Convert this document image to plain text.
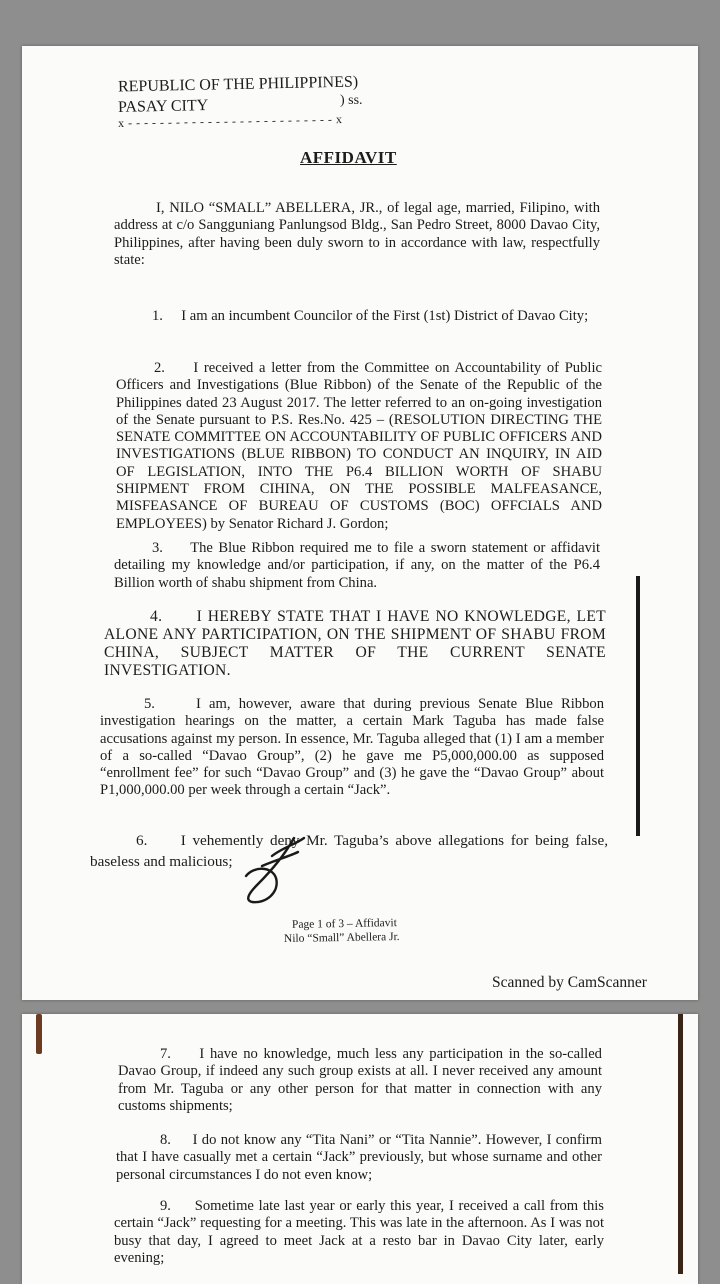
REPUBLIC OF THE PHILIPPINES)
PASAY CITY	) ss.
x - - - - - - - - - - - - - - - - - - - - - - - - - - x
AFFIDAVIT
I, NILO “SMALL” ABELLERA, JR., of legal age, married, Filipino, with address at c/o Sangguniang Panlungsod Bldg., San Pedro Street, 8000 Davao City, Philippines, after having been duly sworn to in accordance with law, respectfully state:
1. I am an incumbent Councilor of the First (1st) District of Davao City;
2. I received a letter from the Committee on Accountability of Public Officers and Investigations (Blue Ribbon) of the Senate of the Republic of the Philippines dated 23 August 2017. The letter referred to an on-going investigation of the Senate pursuant to P.S. Res.No. 425 – (RESOLUTION DIRECTING THE SENATE COMMITTEE ON ACCOUNTABILITY OF PUBLIC OFFICERS AND INVESTIGATIONS (BLUE RIBBON) TO CONDUCT AN INQUIRY, IN AID OF LEGISLATION, INTO THE P6.4 BILLION WORTH OF SHABU SHIPMENT FROM CIHINA, ON THE POSSIBLE MALFEASANCE, MISFEASANCE OF BUREAU OF CUSTOMS (BOC) OFFCIALS AND EMPLOYEES) by Senator Richard J. Gordon;
3. The Blue Ribbon required me to file a sworn statement or affidavit detailing my knowledge and/or participation, if any, on the matter of the P6.4 Billion worth of shabu shipment from China.
4. I HEREBY STATE THAT I HAVE NO KNOWLEDGE, LET ALONE ANY PARTICIPATION, ON THE SHIPMENT OF SHABU FROM CHINA, SUBJECT MATTER OF THE CURRENT SENATE INVESTIGATION.
5.	I am, however, aware that during previous Senate Blue Ribbon investigation hearings on the matter, a certain Mark Taguba has made false accusations against my person. In essence, Mr. Taguba alleged that (1) I am a member of a so-called “Davao Group”, (2) he gave me P5,000,000.00 as supposed “enrollment fee” for such “Davao Group” and (3) he gave the “Davao Group” about P1,000,000.00 per week through a certain “Jack”.
6. I vehemently deny Mr. Taguba’s above allegations for being false, baseless and malicious;
Page 1 of 3 – Affidavit
Nilo “Small” Abellera Jr.
Scanned by CamScanner
7. I have no knowledge, much less any participation in the so-called Davao Group, if indeed any such group exists at all. I never received any amount from Mr. Taguba or any other person for that matter in connection with any customs shipments;
8. I do not know any “Tita Nani” or “Tita Nannie”. However, I confirm that I have casually met a certain “Jack” previously, but whose surname and other personal circumstances I do not even know;
9. Sometime late last year or early this year, I received a call from this certain “Jack” requesting for a meeting. This was late in the afternoon. As I was not busy that day, I agreed to meet Jack at a resto bar in Davao City later, early evening;
